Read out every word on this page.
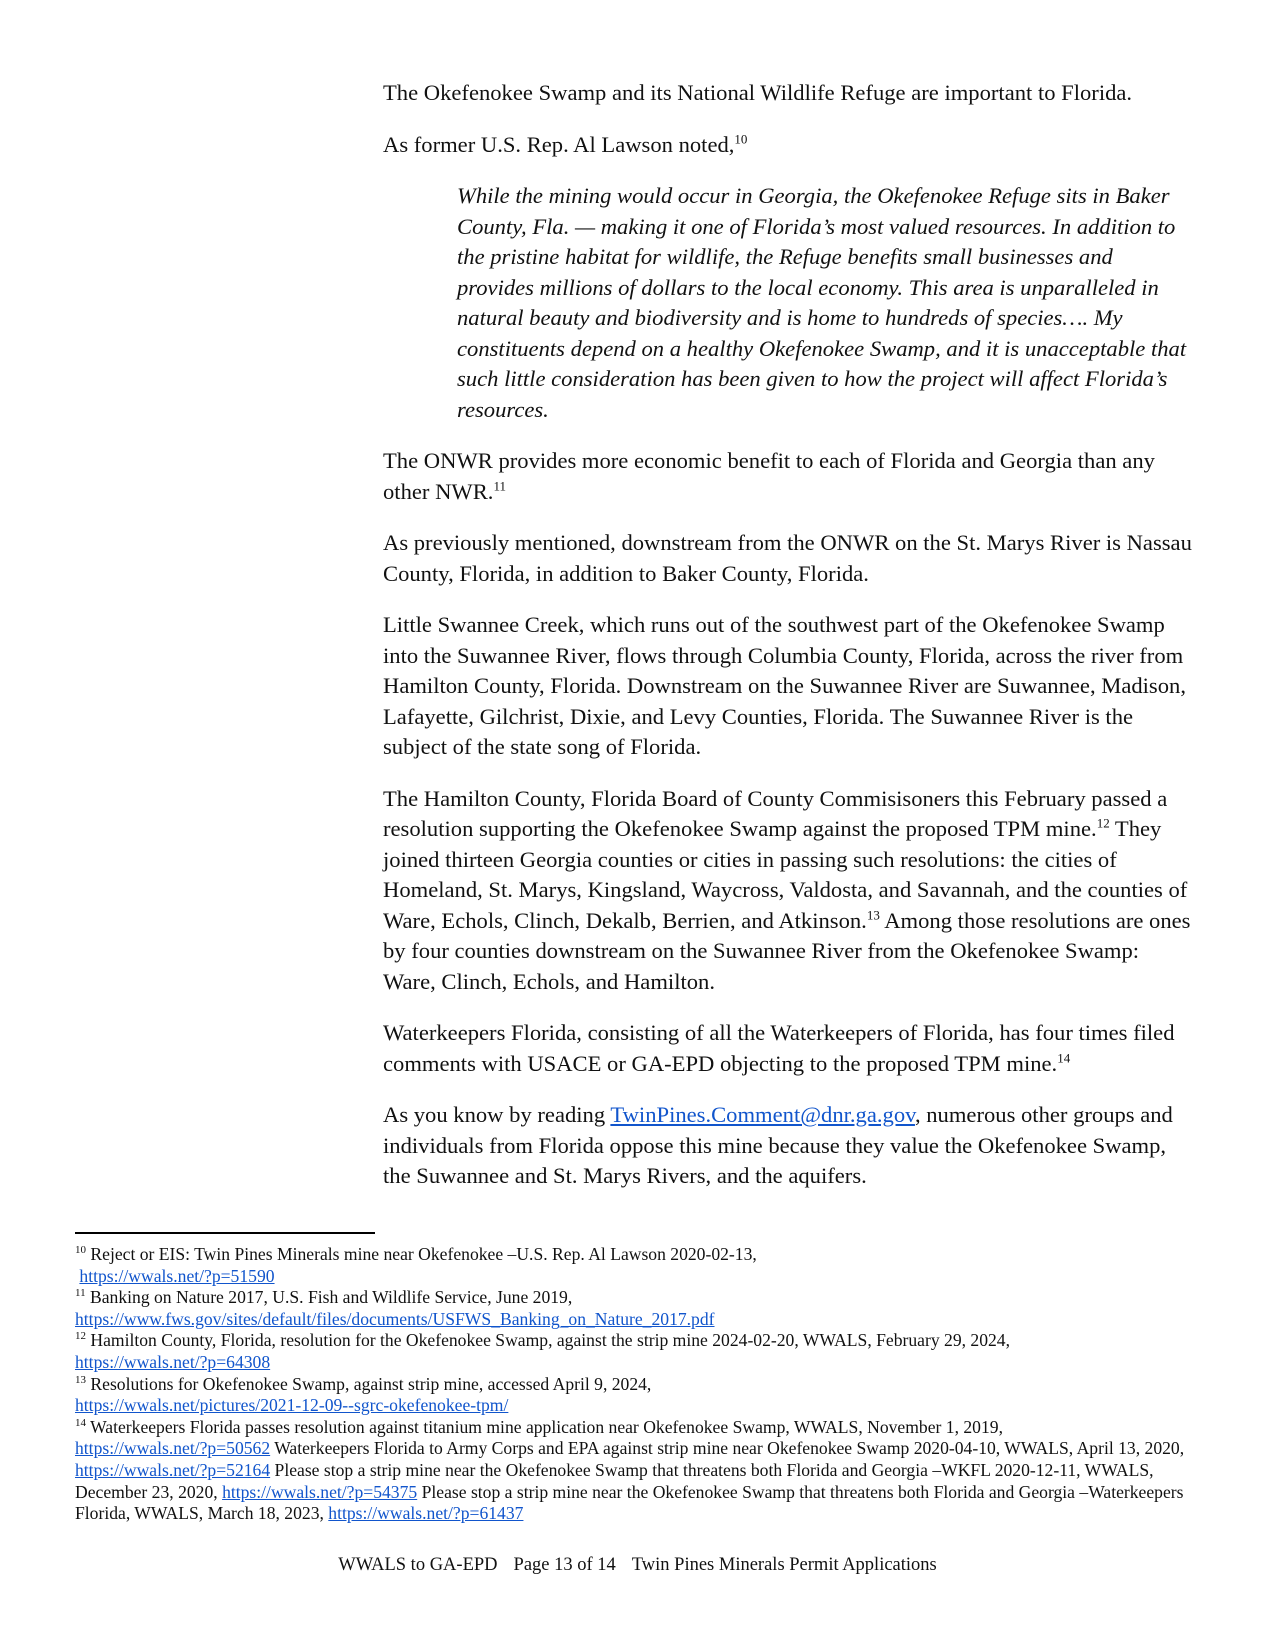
The Okefenokee Swamp and its National Wildlife Refuge are important to Florida.

As former U.S. Rep. Al Lawson noted,$^{10}$

While the mining would occur in Georgia, the Okefenokee Refuge sits in Baker County, Fla. — making it one of Florida’s most valued resources. In addition to the pristine habitat for wildlife, the Refuge benefits small businesses and provides millions of dollars to the local economy. This area is unparalleled in natural beauty and biodiversity and is home to hundreds of species…. My constituents depend on a healthy Okefenokee Swamp, and it is unacceptable that such little consideration has been given to how the project will affect Florida’s resources.

The ONWR provides more economic benefit to each of Florida and Georgia than any other NWR.$^{11}$

As previously mentioned, downstream from the ONWR on the St. Marys River is Nassau County, Florida, in addition to Baker County, Florida.

Little Swannee Creek, which runs out of the southwest part of the Okefenokee Swamp into the Suwannee River, flows through Columbia County, Florida, across the river from Hamilton County, Florida. Downstream on the Suwannee River are Suwannee, Madison, Lafayette, Gilchrist, Dixie, and Levy Counties, Florida. The Suwannee River is the subject of the state song of Florida.

The Hamilton County, Florida Board of County Commisisoners this February passed a resolution supporting the Okefenokee Swamp against the proposed TPM mine.$^{12}$ They joined thirteen Georgia counties or cities in passing such resolutions: the cities of Homeland, St. Marys, Kingsland, Waycross, Valdosta, and Savannah, and the counties of Ware, Echols, Clinch, Dekalb, Berrien, and Atkinson.$^{13}$ Among those resolutions are ones by four counties downstream on the Suwannee River from the Okefenokee Swamp: Ware, Clinch, Echols, and Hamilton.

Waterkeepers Florida, consisting of all the Waterkeepers of Florida, has four times filed comments with USACE or GA-EPD objecting to the proposed TPM mine.$^{14}$

As you know by reading TwinPines.Comment@dnr.ga.gov, numerous other groups and individuals from Florida oppose this mine because they value the Okefenokee Swamp, the Suwannee and St. Marys Rivers, and the aquifers.

$^{10}$ Reject or EIS: Twin Pines Minerals mine near Okefenokee –U.S. Rep. Al Lawson 2020-02-13,
https://wwals.net/?p=51590

$^{11}$ Banking on Nature 2017, U.S. Fish and Wildlife Service, June 2019,
https://www.fws.gov/sites/default/files/documents/USFWS_Banking_on_Nature_2017.pdf

$^{12}$ Hamilton County, Florida, resolution for the Okefenokee Swamp, against the strip mine 2024-02-20, WWALS, February 29, 2024,
https://wwals.net/?p=64308

$^{13}$ Resolutions for Okefenokee Swamp, against strip mine, accessed April 9, 2024,
https://wwals.net/pictures/2021-12-09--sgrc-okefenokee-tpm/

$^{14}$ Waterkeepers Florida passes resolution against titanium mine application near Okefenokee Swamp, WWALS, November 1, 2019,
https://wwals.net/?p=50562 Waterkeepers Florida to Army Corps and EPA against strip mine near Okefenokee Swamp 2020-04-10, WWALS, April 13, 2020, https://wwals.net/?p=52164 Please stop a strip mine near the Okefenokee Swamp that threatens both Florida and Georgia –WKFL 2020-12-11, WWALS, December 23, 2020, https://wwals.net/?p=54375 Please stop a strip mine near the Okefenokee Swamp that threatens both Florida and Georgia –Waterkeepers Florida, WWALS, March 18, 2023, https://wwals.net/?p=61437

WWALS to GA-EPD Page 13 of 14 Twin Pines Minerals Permit Applications
